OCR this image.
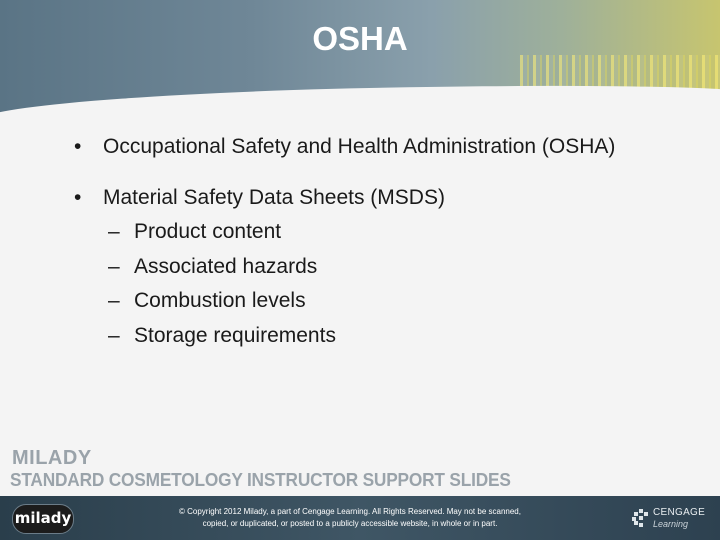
OSHA
• Occupational Safety and Health Administration (OSHA)
• Material Safety Data Sheets (MSDS)
– Product content
– Associated hazards
– Combustion levels
– Storage requirements
MILADY
STANDARD COSMETOLOGY INSTRUCTOR SUPPORT SLIDES
milady	© Copyright 2012 Milady, a part of Cengage Learning. All Rights Reserved. May not be scanned,
copied, or duplicated, or posted to a publicly accessible website, in whole or in part.
CENGAGE
Learning
